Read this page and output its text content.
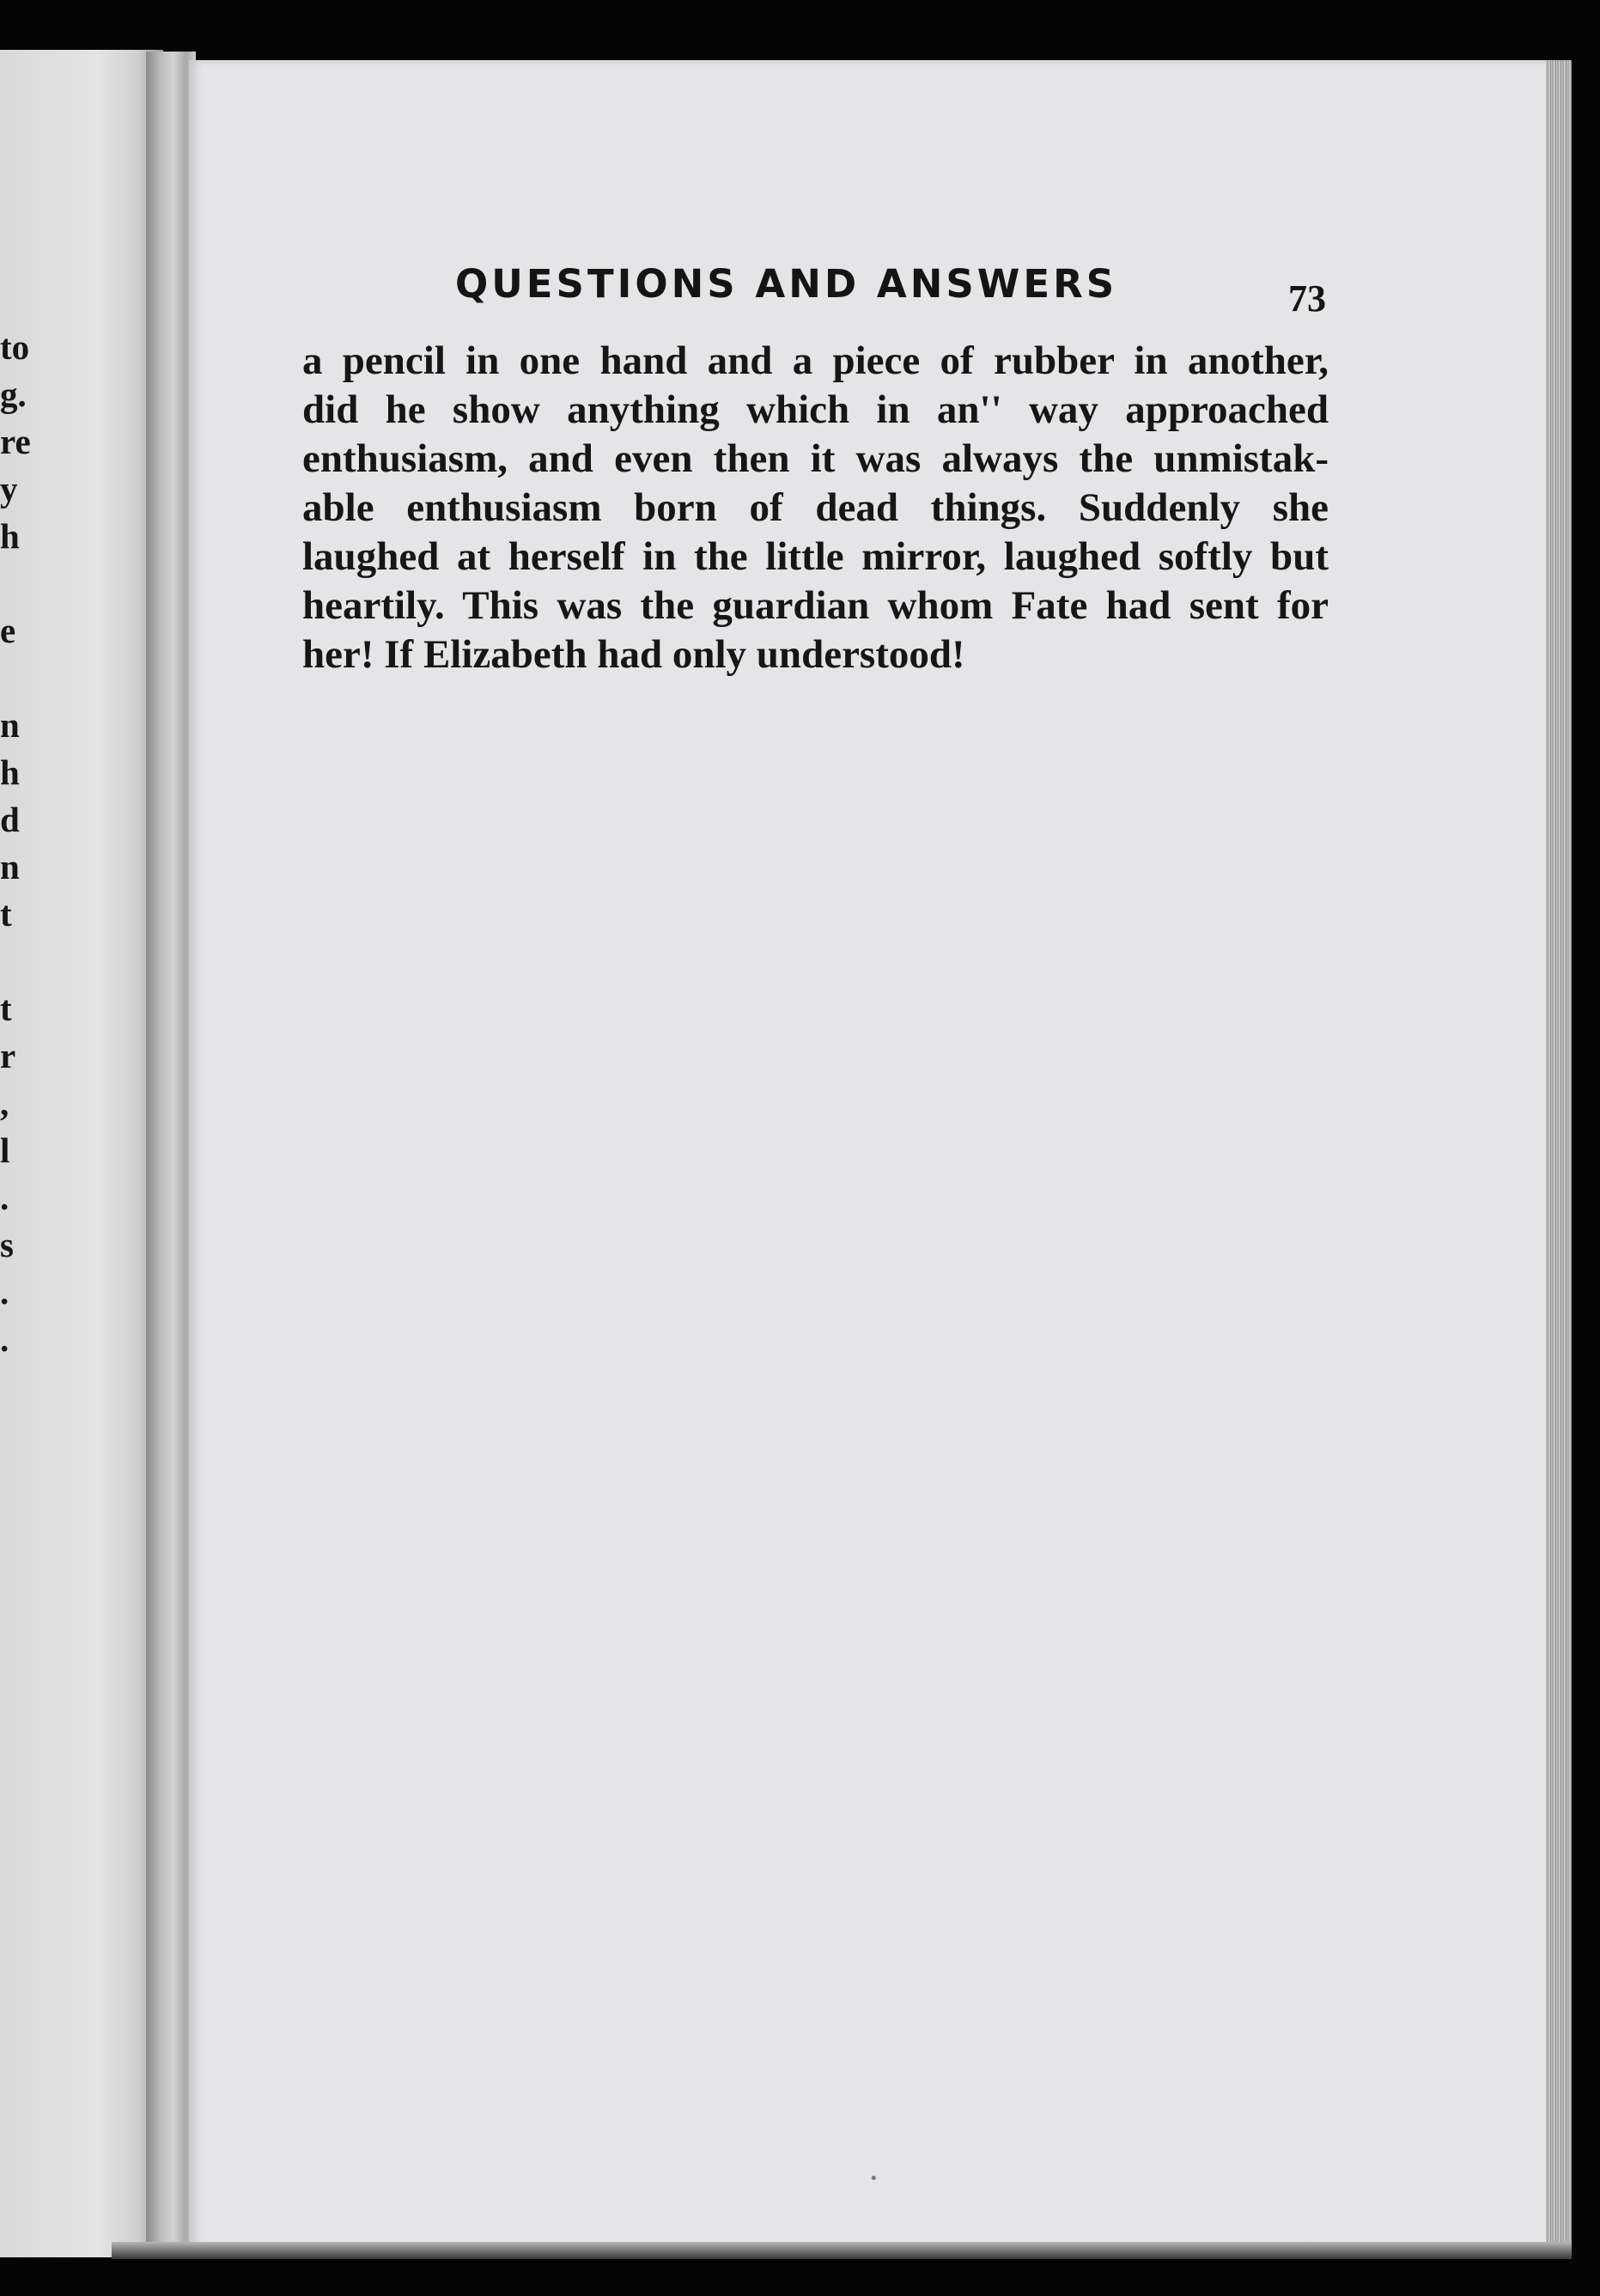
to
g.
re
y
h
e
n
h
d
n
t
t
r
,
l
.
s
.
.
QUESTIONS AND ANSWERS	73
a pencil in one hand and a piece of rubber in another,
did he show anything which in an'' way approached
enthusiasm, and even then it was always the unmistak-
able enthusiasm born of dead things. Suddenly she
laughed at herself in the little mirror, laughed softly but
heartily. This was the guardian whom Fate had sent for
her! If Elizabeth had only understood!
•
